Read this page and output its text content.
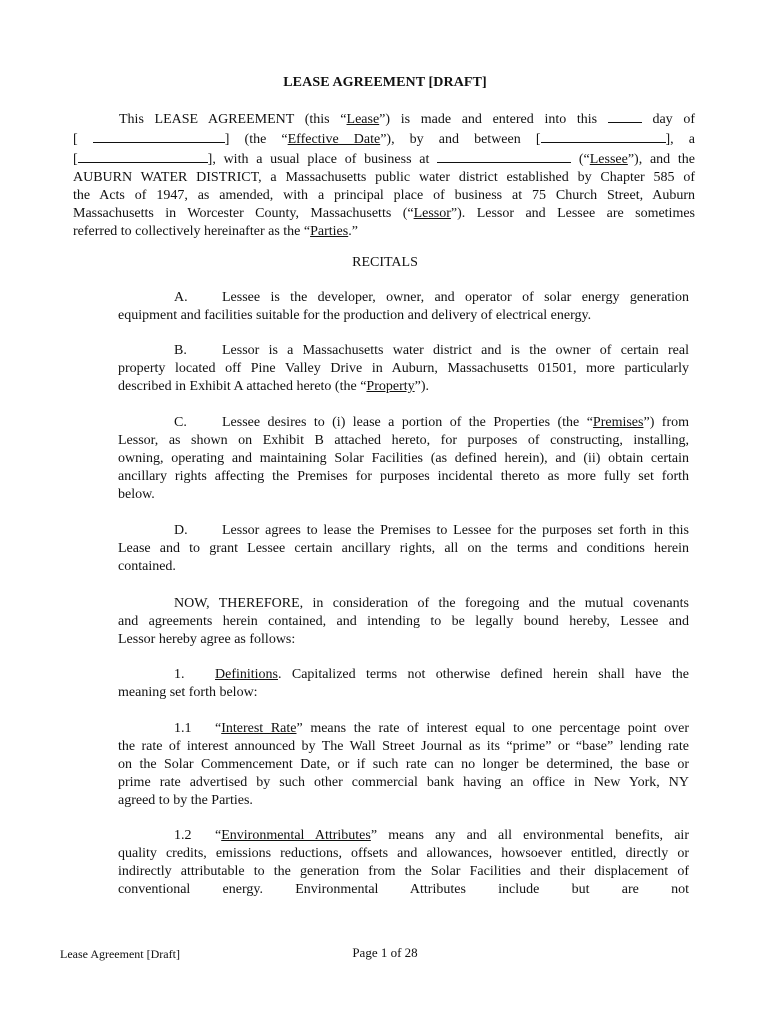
LEASE AGREEMENT [DRAFT]
This LEASE AGREEMENT (this “Lease”) is made and entered into this	day of
[	] (the “Effective Date”), by and between [	], a
[	], with a usual place of business at	(“Lessee”), and the
AUBURN WATER DISTRICT, a Massachusetts public water district established by Chapter 585 of
the Acts of 1947, as amended, with a principal place of business at 75 Church Street, Auburn
Massachusetts in Worcester County, Massachusetts (“Lessor”). Lessor and Lessee are sometimes
referred to collectively hereinafter as the “Parties.”
RECITALS
A. Lessee is the developer, owner, and operator of solar energy generation
equipment and facilities suitable for the production and delivery of electrical energy.
B.	Lessor is a Massachusetts water district and is the owner of certain real
property located off Pine Valley Drive in Auburn, Massachusetts 01501, more particularly
described in Exhibit A attached hereto (the “Property”).
C.	Lessee desires to (i) lease a portion of the Properties (the “Premises”) from
Lessor, as shown on Exhibit B attached hereto, for purposes of constructing, installing,
owning, operating and maintaining Solar Facilities (as defined herein), and (ii) obtain certain
ancillary rights affecting the Premises for purposes incidental thereto as more fully set forth
below.
D. Lessor agrees to lease the Premises to Lessee for the purposes set forth in this
Lease and to grant Lessee certain ancillary rights, all on the terms and conditions herein
contained.
NOW, THEREFORE, in consideration of the foregoing and the mutual covenants
and agreements herein contained, and intending to be legally bound hereby, Lessee and
Lessor hereby agree as follows:
1. Definitions. Capitalized terms not otherwise defined herein shall have the
meaning set forth below:
1.1 “Interest Rate” means the rate of interest equal to one percentage point over
the rate of interest announced by The Wall Street Journal as its “prime” or “base” lending rate
on the Solar Commencement Date, or if such rate can no longer be determined, the base or
prime rate advertised by such other commercial bank having an office in New York, NY
agreed to by the Parties.
1.2 “Environmental Attributes” means any and all environmental benefits, air
quality credits, emissions reductions, offsets and allowances, howsoever entitled, directly or
indirectly attributable to the generation from the Solar Facilities and their displacement of
conventional energy. Environmental Attributes include but are not
Lease Agreement [Draft]	Page 1 of 28
